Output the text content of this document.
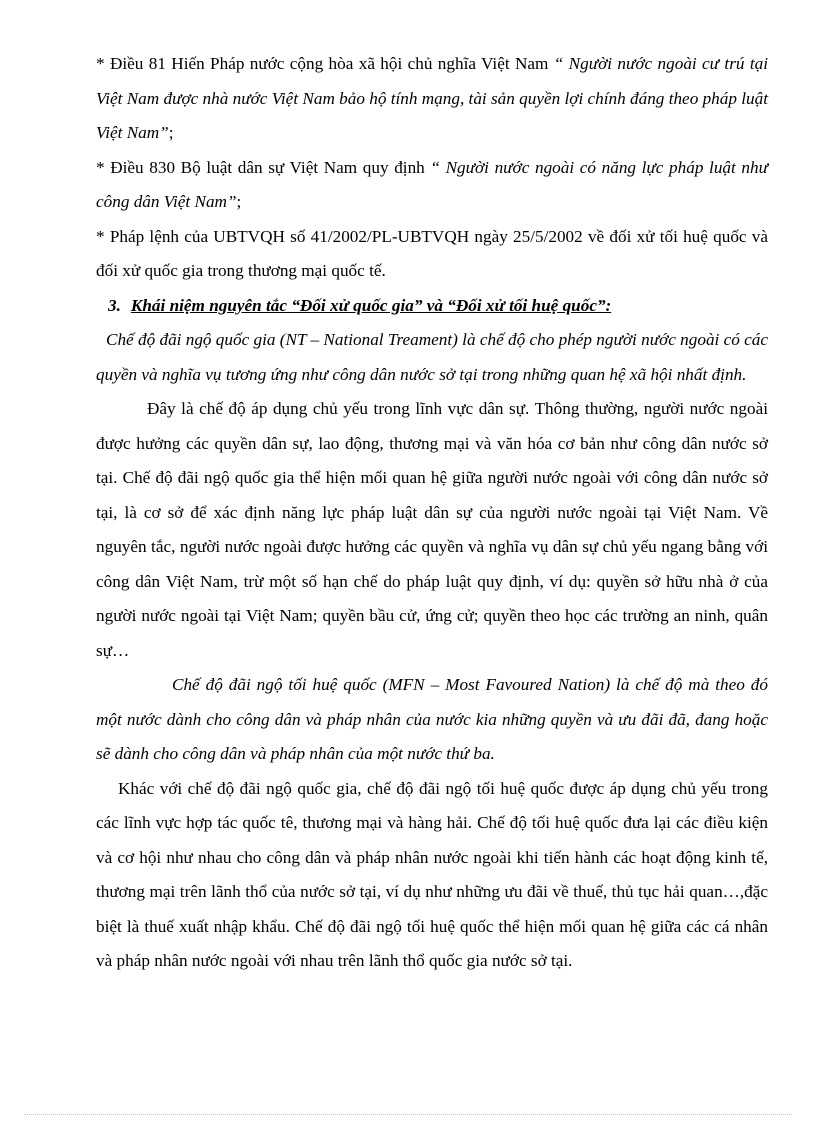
* Điều 81 Hiến Pháp nước cộng hòa xã hội chủ nghĩa Việt Nam “ Người nước ngoài cư trú tại Việt Nam được nhà nước Việt Nam bảo hộ tính mạng, tài sản quyền lợi chính đáng theo pháp luật Việt Nam”;

* Điều 830 Bộ luật dân sự Việt Nam quy định “ Người nước ngoài có năng lực pháp luật như công dân Việt Nam”;

* Pháp lệnh của UBTVQH số 41/2002/PL-UBTVQH ngày 25/5/2002 về đối xử tối huệ quốc và đối xử quốc gia trong thương mại quốc tế.

3. Khái niệm nguyên tắc “Đối xử quốc gia” và “Đối xử tối huệ quốc”:

Chế độ đãi ngộ quốc gia (NT – National Treament) là chế độ cho phép người nước ngoài có các quyền và nghĩa vụ tương ứng như công dân nước sở tại trong những quan hệ xã hội nhất định.

Đây là chế độ áp dụng chủ yếu trong lĩnh vực dân sự. Thông thường, người nước ngoài được hưởng các quyền dân sự, lao động, thương mại và văn hóa cơ bản như công dân nước sở tại. Chế độ đãi ngộ quốc gia thể hiện mối quan hệ giữa người nước ngoài với công dân nước sở tại, là cơ sở để xác định năng lực pháp luật dân sự của người nước ngoài tại Việt Nam. Về nguyên tắc, người nước ngoài được hưởng các quyền và nghĩa vụ dân sự chủ yếu ngang bằng với công dân Việt Nam, trừ một số hạn chế do pháp luật quy định, ví dụ: quyền sở hữu nhà ở của người nước ngoài tại Việt Nam; quyền bầu cử, ứng cử; quyền theo học các trường an ninh, quân sự…

Chế độ đãi ngộ tối huệ quốc (MFN – Most Favoured Nation) là chế độ mà theo đó một nước dành cho công dân và pháp nhân của nước kia những quyền và ưu đãi đã, đang hoặc sẽ dành cho công dân và pháp nhân của một nước thứ ba.

Khác với chế độ đãi ngộ quốc gia, chế độ đãi ngộ tối huệ quốc được áp dụng chủ yếu trong các lĩnh vực hợp tác quốc tê, thương mại và hàng hải. Chế độ tối huệ quốc đưa lại các điều kiện và cơ hội như nhau cho công dân và pháp nhân nước ngoài khi tiến hành các hoạt động kinh tế, thương mại trên lãnh thổ của nước sở tại, ví dụ như những ưu đãi về thuế, thủ tục hải quan…,đặc biệt là thuế xuất nhập khẩu. Chế độ đãi ngộ tối huệ quốc thể hiện mối quan hệ giữa các cá nhân và pháp nhân nước ngoài với nhau trên lãnh thổ quốc gia nước sở tại.
